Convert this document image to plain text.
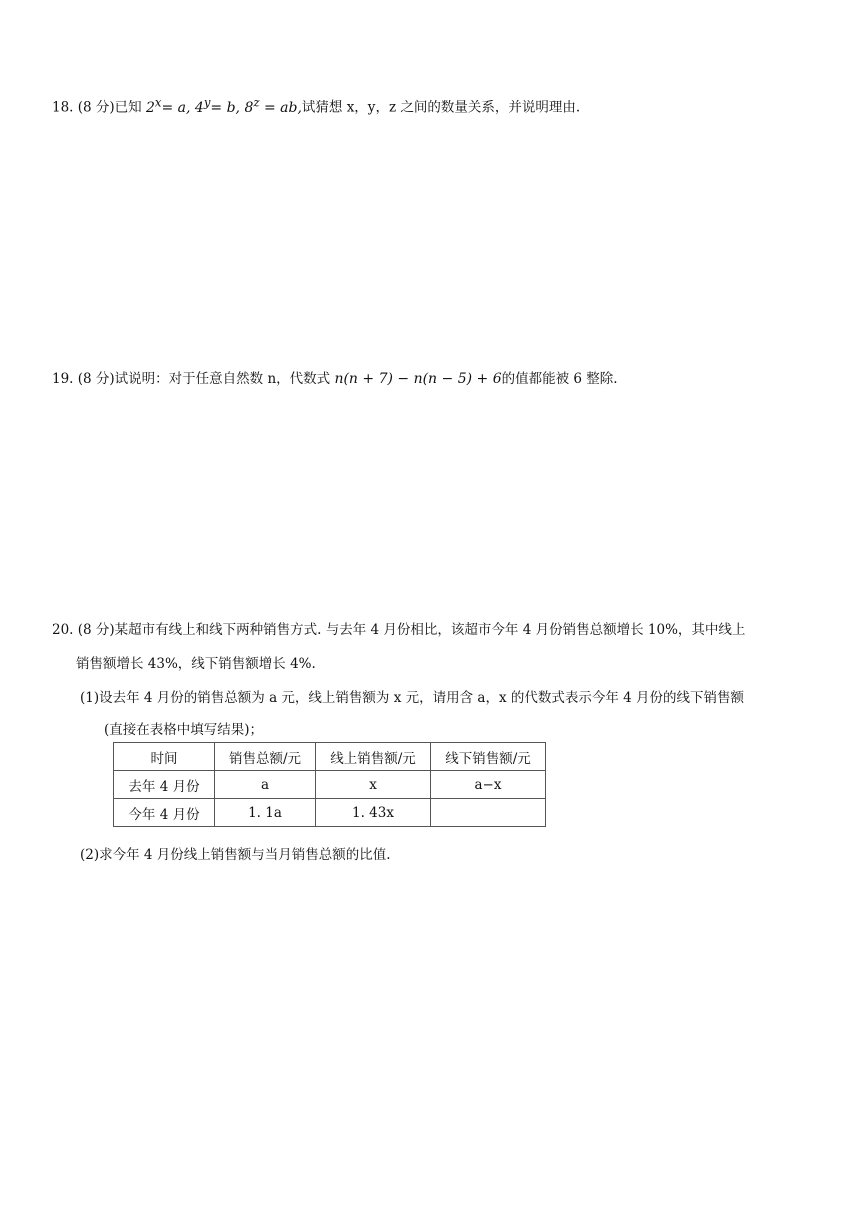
18. (8 分)已知 $2^x= a$, $4^y= b$, $8^z$ = ab,试猜想 x，y，z 之间的数量关系，并说明理由.
19. (8 分)试说明：对于任意自然数 n，代数式 n(n + 7) − n(n − 5) + 6的值都能被 6 整除.
20. (8 分)某超市有线上和线下两种销售方式. 与去年 4 月份相比，该超市今年 4 月份销售总额增长 10%，其中线上
销售额增长 43%，线下销售额增长 4%.
(1)设去年 4 月份的销售总额为 a 元，线上销售额为 x 元，请用含 a，x 的代数式表示今年 4 月份的线下销售额
(直接在表格中填写结果)；
时间	销售总额/元	线上销售额/元	线下销售额/元
去年 4 月份	a	x	a−x
今年 4 月份	1. 1a	1. 43x	
(2)求今年 4 月份线上销售额与当月销售总额的比值.
